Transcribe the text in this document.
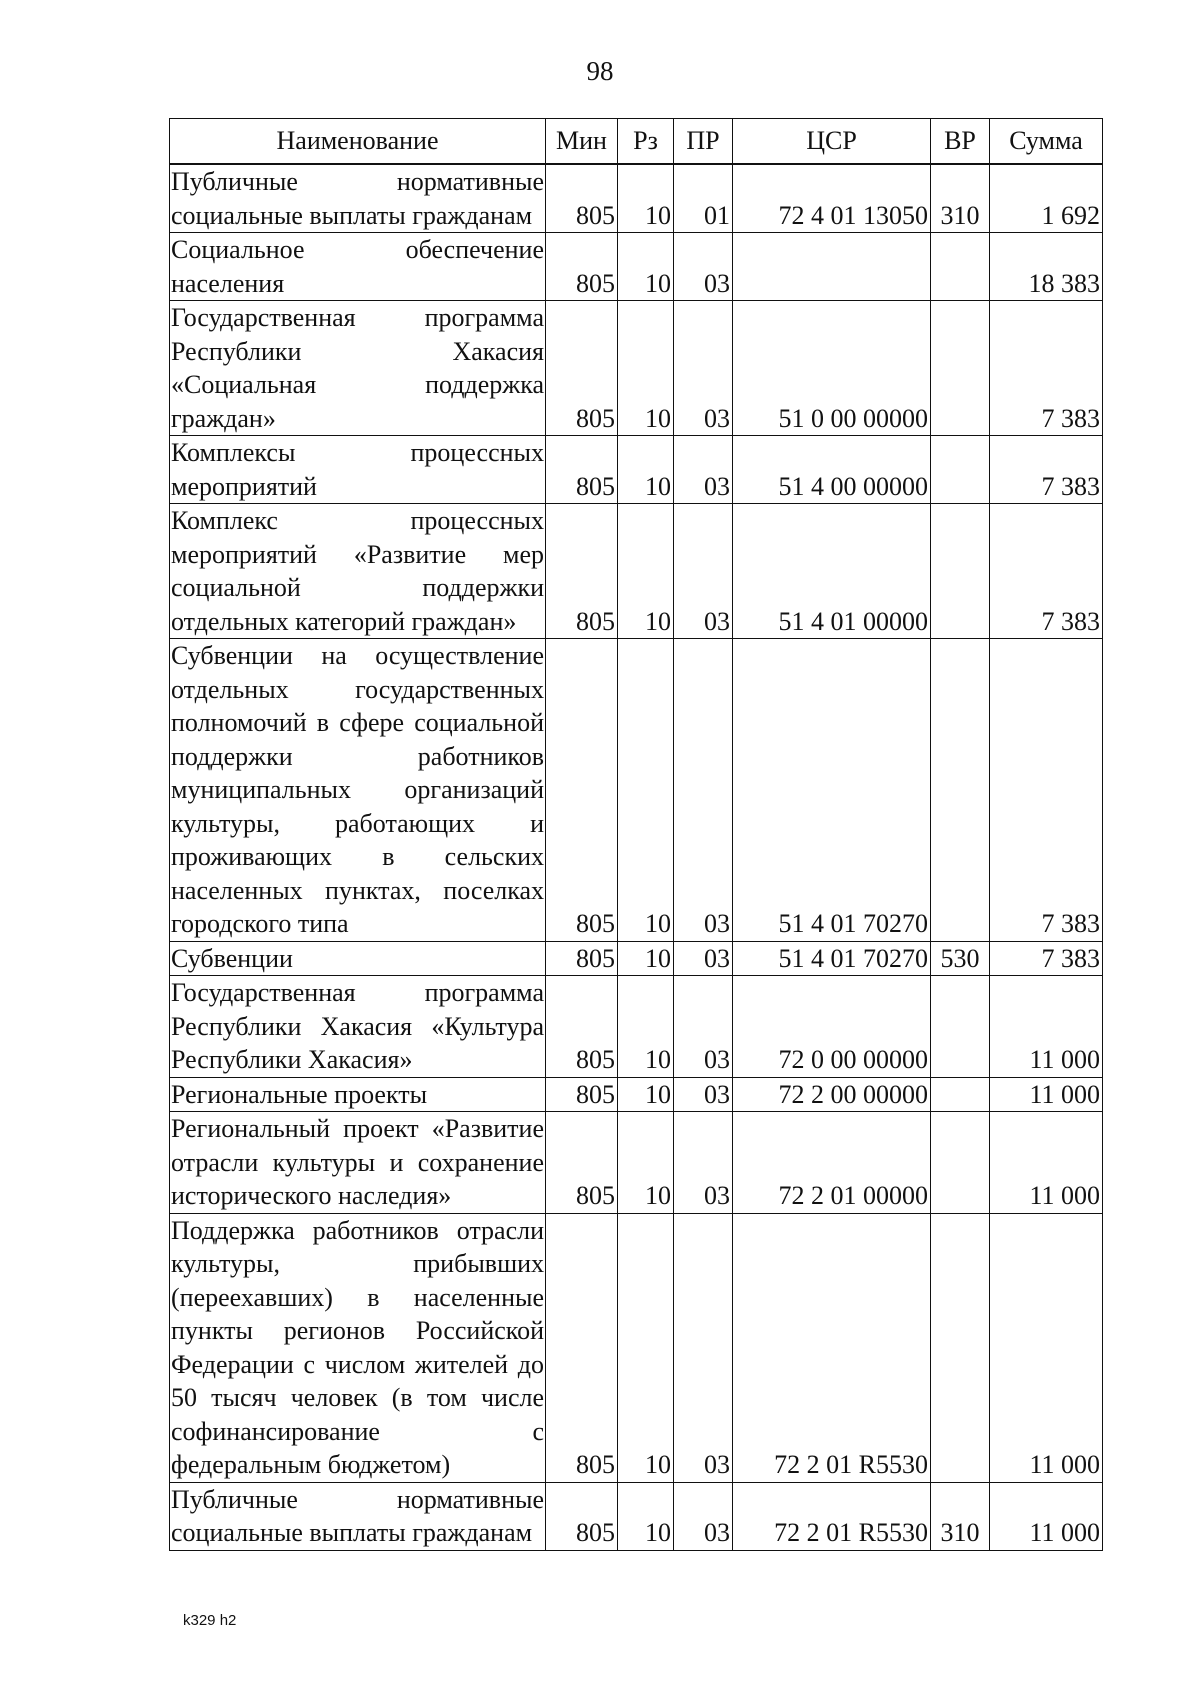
98
Наименование	Мин	Рз	ПР	ЦСР	ВР	Сумма
Публичные нормативные социальные выплаты гражданам	805	10	01	72 4 01 13050	310	1 692
Социальное обеспечение населения	805	10	03			18 383
Государственная программа Республики Хакасия «Социальная поддержка граждан»	805	10	03	51 0 00 00000		7 383
Комплексы процессных мероприятий	805	10	03	51 4 00 00000		7 383
Комплекс процессных мероприятий «Развитие мер социальной поддержки отдельных категорий граждан»	805	10	03	51 4 01 00000		7 383
Субвенции на осуществление отдельных государственных полномочий в сфере социальной поддержки работников муниципальных организаций культуры, работающих и проживающих в сельских населенных пунктах, поселках городского типа	805	10	03	51 4 01 70270		7 383
Субвенции	805	10	03	51 4 01 70270	530	7 383
Государственная программа Республики Хакасия «Культура Республики Хакасия»	805	10	03	72 0 00 00000		11 000
Региональные проекты	805	10	03	72 2 00 00000		11 000
Региональный проект «Развитие отрасли культуры и сохранение исторического наследия»	805	10	03	72 2 01 00000		11 000
Поддержка работников отрасли культуры, прибывших (переехавших) в населенные пункты регионов Российской Федерации с числом жителей до 50 тысяч человек (в том числе софинансирование с федеральным бюджетом)	805	10	03	72 2 01 R5530		11 000
Публичные нормативные социальные выплаты гражданам	805	10	03	72 2 01 R5530	310	11 000
k329 h2
